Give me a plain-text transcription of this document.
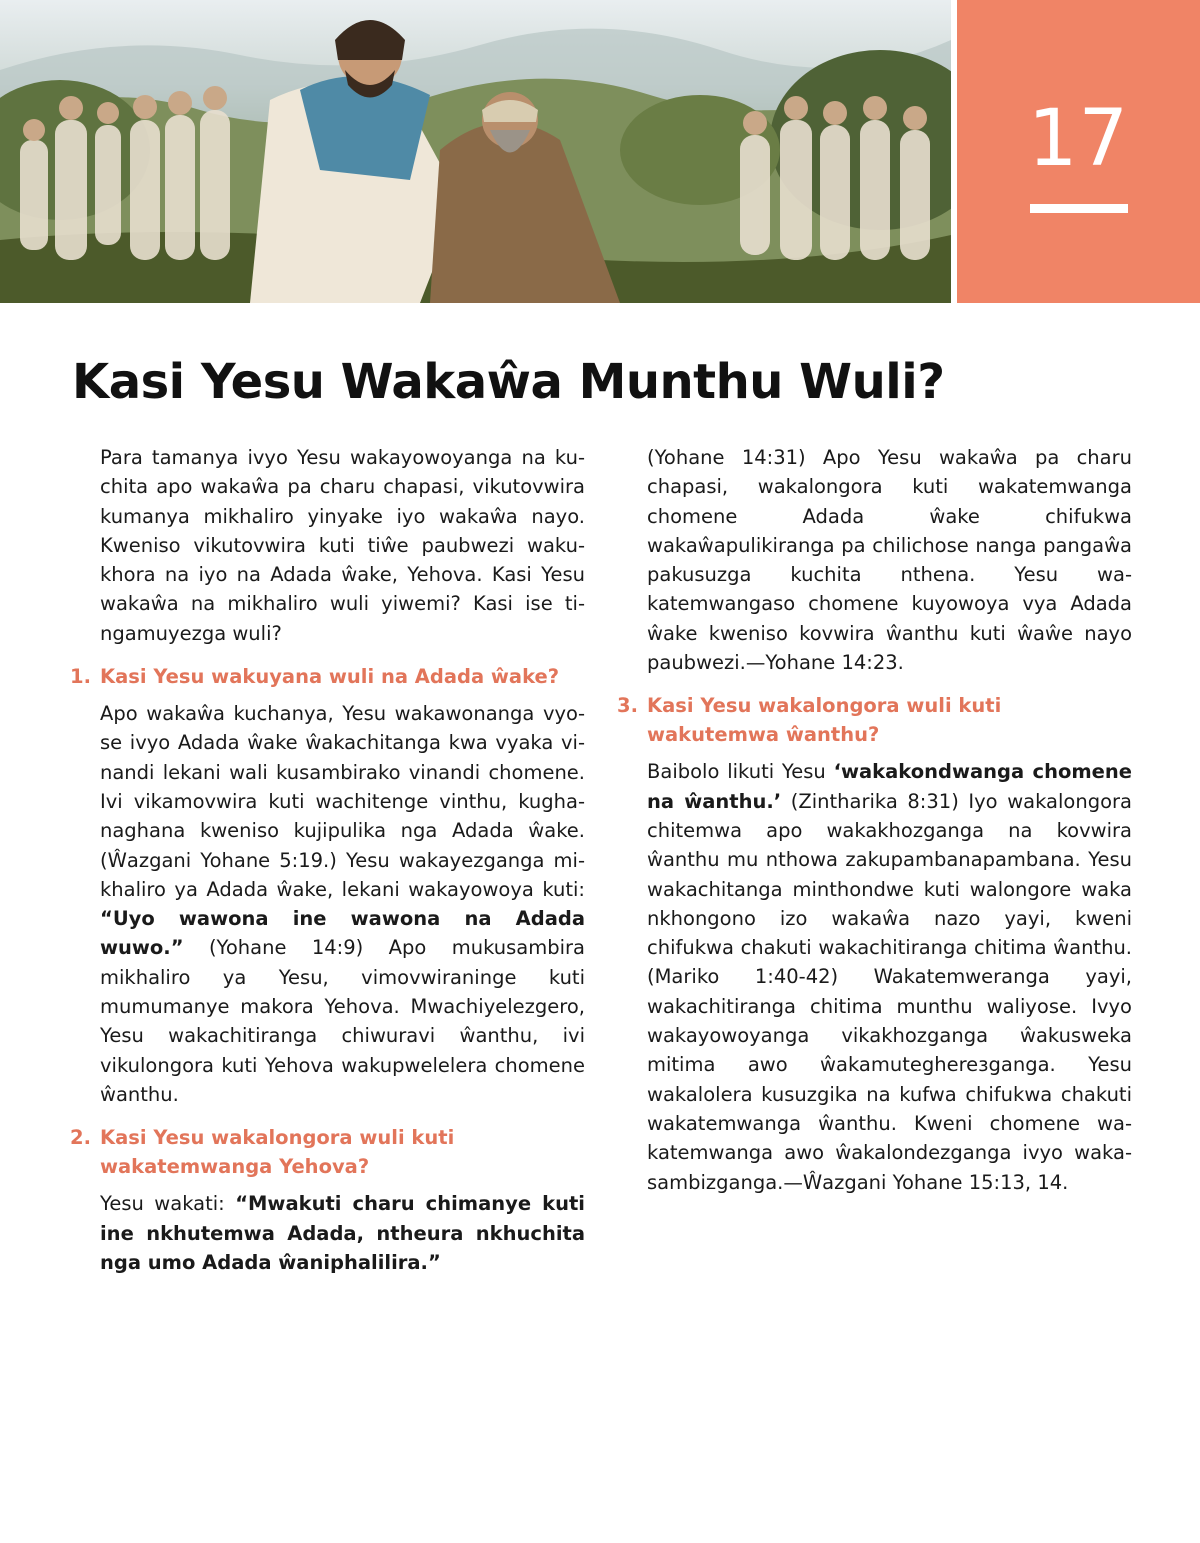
17
Kasi Yesu Wakaŵa Munthu Wuli?

Para tamanya ivyo Yesu wakayowoyanga na kuchita apo wakaŵa pa charu chapasi, vikutovwira kumanya mikhaliro yinyake iyo wakaŵa nayo. Kweniso vikutovwira kuti tiŵe paubwezi wakukhora na iyo na Adada ŵake, Yehova. Kasi Yesu wakaŵa na mikhaliro wuli yiwemi? Kasi ise tingamuyezga wuli?

1. Kasi Yesu wakuyana wuli na Adada ŵake?

Apo wakaŵa kuchanya, Yesu wakawonanga vyose ivyo Adada ŵake ŵakachitanga kwa vyaka vinandi lekani wali kusambirako vinandi chomene. Ivi vikamovwira kuti wachitenge vinthu, kughanaghana kweniso kujipulika nga Adada ŵake. (Ŵazgani Yohane 5:19.) Yesu wakayezganga mikhaliro ya Adada ŵake, lekani wakayowoya kuti: “Uyo wawona ine wawona na Adada wuwo.” (Yohane 14:9) Apo mukusambira mikhaliro ya Yesu, vimovwiraninge kuti mumumanye makora Yehova. Mwachiyelezgero, Yesu wakachitiranga chiwuravi ŵanthu, ivi vikulongora kuti Yehova wakupwelelera chomene ŵanthu.

2. Kasi Yesu wakalongora wuli kuti wakatemwanga Yehova?

Yesu wakati: “Mwakuti charu chimanye kuti ine nkhutemwa Adada, ntheura nkhuchita nga umo Adada ŵaniphalilira.”

(Yohane 14:31) Apo Yesu wakaŵa pa charu chapasi, wakalongora kuti wakatemwanga chomene Adada ŵake chifukwa wakaŵapulikiranga pa chilichose nanga pangaŵa pakusuzga kuchita nthena. Yesu wakatemwangaso chomene kuyowoya vya Adada ŵake kweniso kovwira ŵanthu kuti ŵaŵe nayo paubwezi.—Yohane 14:23.

3. Kasi Yesu wakalongora wuli kuti wakutemwa ŵanthu?

Baibolo likuti Yesu ‘wakakondwanga chomene na ŵanthu.’ (Zintharika 8:31) Iyo wakalongora chitemwa apo wakakhozganga na kovwira ŵanthu mu nthowa zakupambanapambana. Yesu wakachitanga minthondwe kuti walongore waka nkhongono izo wakaŵa nazo yayi, kweni chifukwa chakuti wakachitiranga chitima ŵanthu. (Mariko 1:40-42) Wakatemweranga yayi, wakachitiranga chitima munthu waliyose. Ivyo wakayowoyanga vikakhozganga ŵakusweka mitima awo ŵakamuteghereзganga. Yesu wakalolera kusuzgika na kufwa chifukwa chakuti wakatemwanga ŵanthu. Kweni chomene wakatemwanga awo ŵakalondezganga ivyo wakasambizganga.—Ŵazgani Yohane 15:13, 14.
